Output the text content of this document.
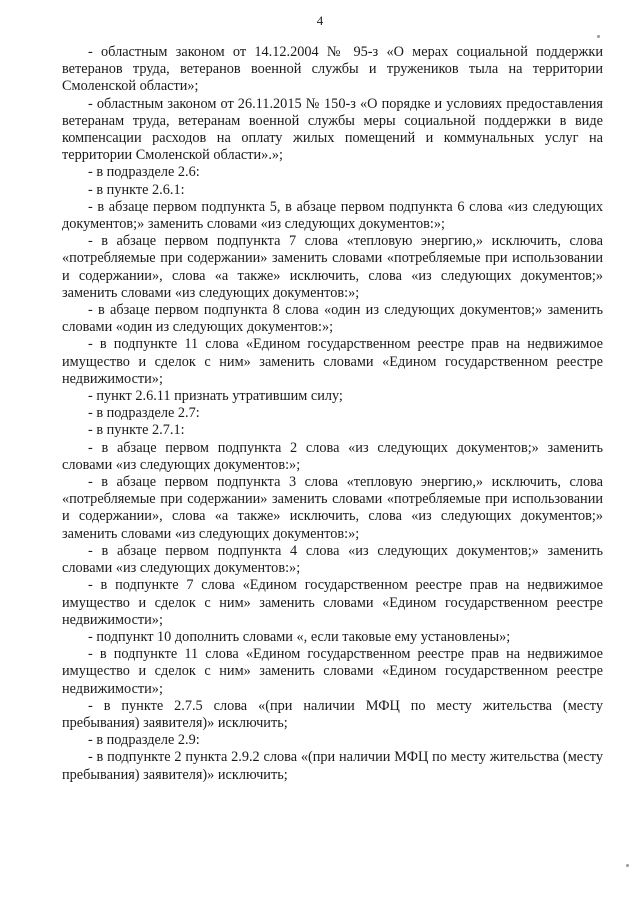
4

- областным законом от 14.12.2004 № 95-з «О мерах социальной поддержки ветеранов труда, ветеранов военной службы и тружеников тыла на территории Смоленской области»;

- областным законом от 26.11.2015 № 150-з «О порядке и условиях предоставления ветеранам труда, ветеранам военной службы меры социальной поддержки в виде компенсации расходов на оплату жилых помещений и коммунальных услуг на территории Смоленской области».»;

- в подразделе 2.6:

- в пункте 2.6.1:

- в абзаце первом подпункта 5, в абзаце первом подпункта 6 слова «из следующих документов;» заменить словами «из следующих документов:»;

- в абзаце первом подпункта 7 слова «тепловую энергию,» исключить, слова «потребляемые при содержании» заменить словами «потребляемые при использовании и содержании», слова «а также» исключить, слова «из следующих документов;» заменить словами «из следующих документов:»;

- в абзаце первом подпункта 8 слова «один из следующих документов;» заменить словами «один из следующих документов:»;

- в подпункте 11 слова «Едином государственном реестре прав на недвижимое имущество и сделок с ним» заменить словами «Едином государственном реестре недвижимости»;

- пункт 2.6.11 признать утратившим силу;

- в подразделе 2.7:

- в пункте 2.7.1:

- в абзаце первом подпункта 2 слова «из следующих документов;» заменить словами «из следующих документов:»;

- в абзаце первом подпункта 3 слова «тепловую энергию,» исключить, слова «потребляемые при содержании» заменить словами «потребляемые при использовании и содержании», слова «а также» исключить, слова «из следующих документов;» заменить словами «из следующих документов:»;

- в абзаце первом подпункта 4 слова «из следующих документов;» заменить словами «из следующих документов:»;

- в подпункте 7 слова «Едином государственном реестре прав на недвижимое имущество и сделок с ним» заменить словами «Едином государственном реестре недвижимости»;

- подпункт 10 дополнить словами «, если таковые ему установлены»;

- в подпункте 11 слова «Едином государственном реестре прав на недвижимое имущество и сделок с ним» заменить словами «Едином государственном реестре недвижимости»;

- в пункте 2.7.5 слова «(при наличии МФЦ по месту жительства (месту пребывания) заявителя)» исключить;

- в подразделе 2.9:

- в подпункте 2 пункта 2.9.2 слова «(при наличии МФЦ по месту жительства (месту пребывания) заявителя)» исключить;
